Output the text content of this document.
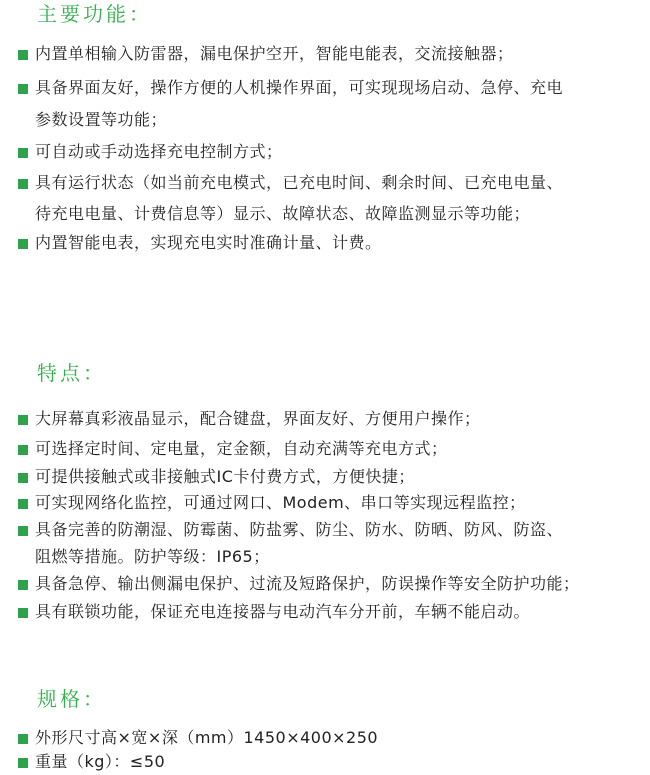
主要功能：
内置单相输入防雷器，漏电保护空开，智能电能表，交流接触器；
具备界面友好，操作方便的人机操作界面，可实现现场启动、急停、充电
参数设置等功能；
可自动或手动选择充电控制方式；
具有运行状态（如当前充电模式，已充电时间、剩余时间、已充电电量、
待充电电量、计费信息等）显示、故障状态、故障监测显示等功能；
内置智能电表，实现充电实时准确计量、计费。
特点：
大屏幕真彩液晶显示，配合键盘，界面友好、方便用户操作；
可选择定时间、定电量，定金额，自动充满等充电方式；
可提供接触式或非接触式IC卡付费方式，方便快捷；
可实现网络化监控，可通过网口、Modem、串口等实现远程监控；
具备完善的防潮湿、防霉菌、防盐雾、防尘、防水、防晒、防风、防盗、
阻燃等措施。防护等级：IP65；
具备急停、输出侧漏电保护、过流及短路保护，防误操作等安全防护功能；
具有联锁功能，保证充电连接器与电动汽车分开前，车辆不能启动。
规格：
外形尺寸高×宽×深（mm）1450×400×250
重量（kg）：≤50
